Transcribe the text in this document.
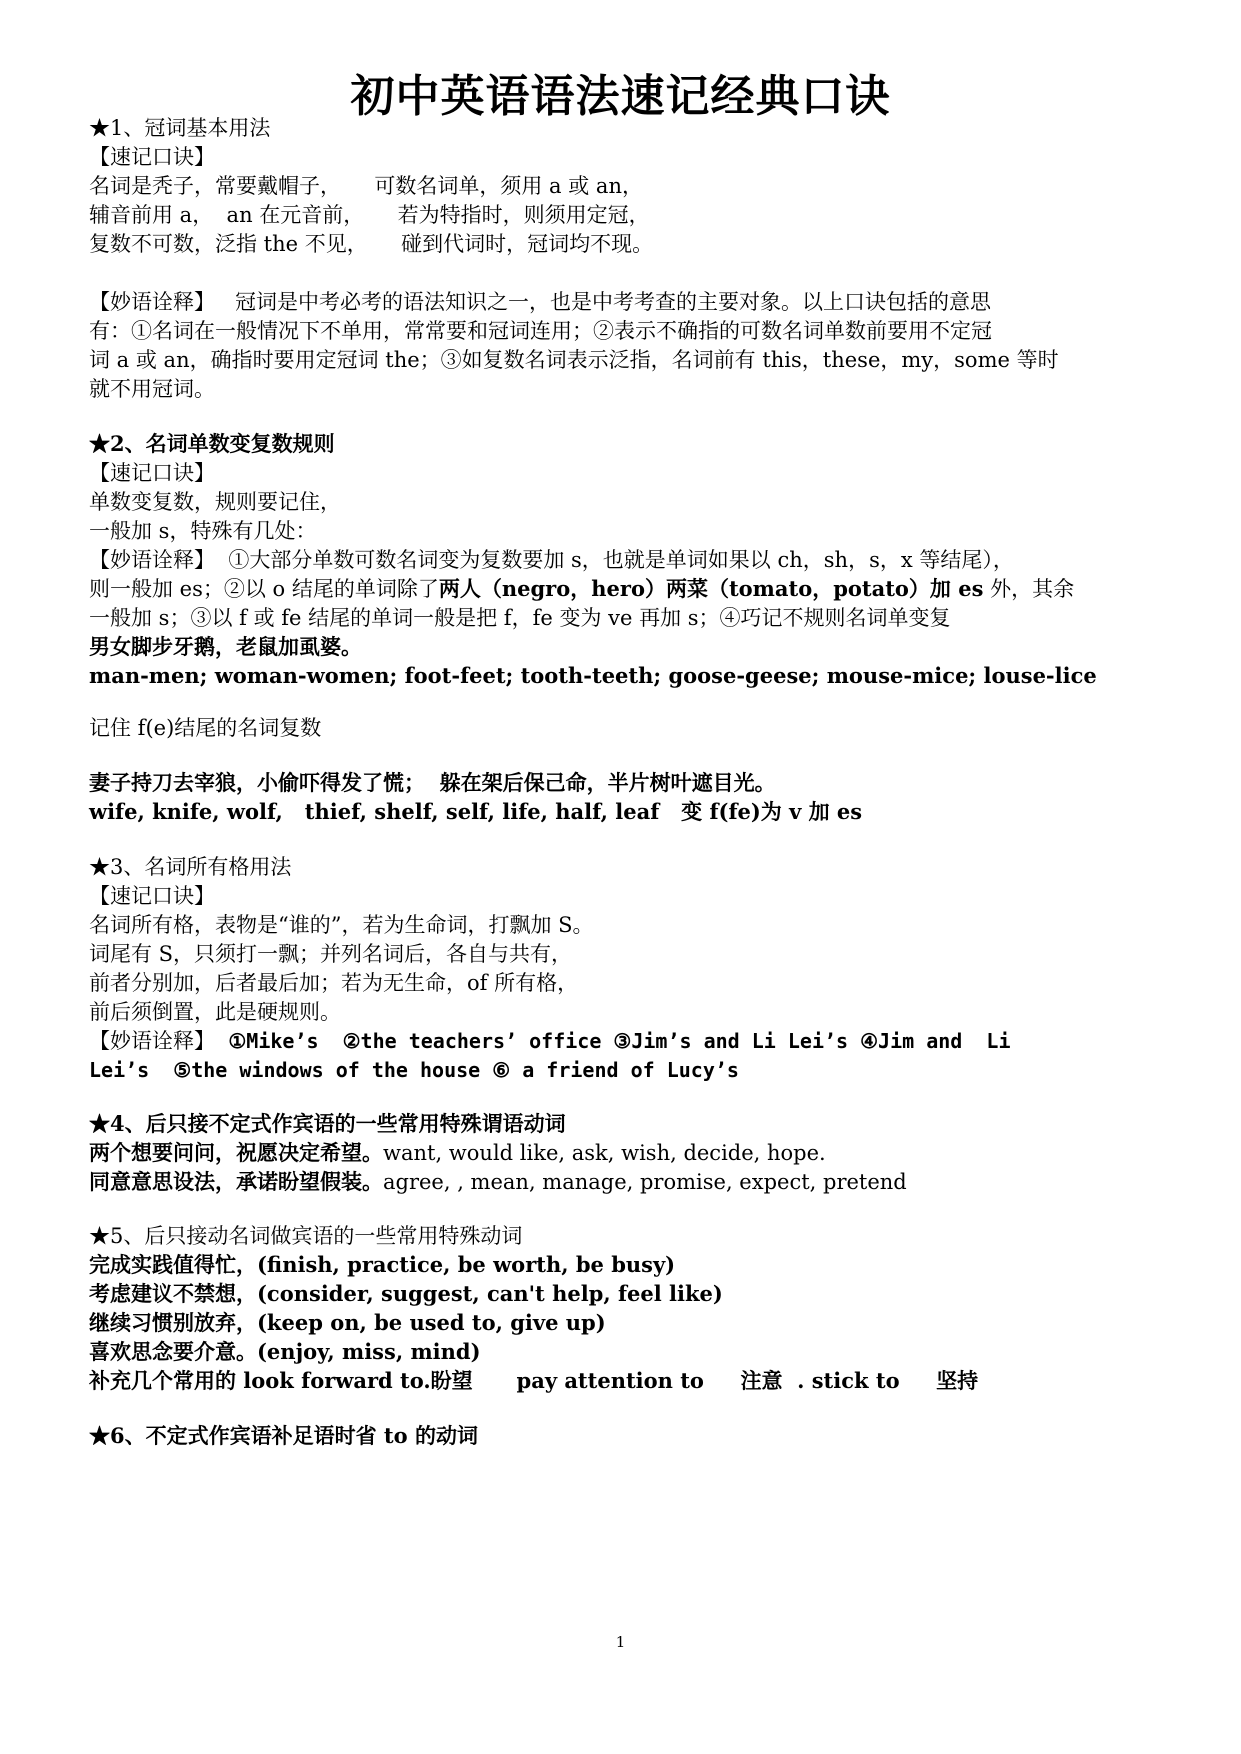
初中英语语法速记经典口诀
★1、冠词基本用法
【速记口诀】
名词是秃子，常要戴帽子，     可数名词单，须用 a 或 an，
辅音前用 a，  an 在元音前，     若为特指时，则须用定冠，
复数不可数，泛指 the 不见，     碰到代词时，冠词均不现。
【妙语诠释】   冠词是中考必考的语法知识之一，也是中考考查的主要对象。以上口诀包括的意思
有：①名词在一般情况下不单用，常常要和冠词连用；②表示不确指的可数名词单数前要用不定冠
词 a 或 an，确指时要用定冠词 the；③如复数名词表示泛指，名词前有 this，these，my，some 等时
就不用冠词。
★2、名词单数变复数规则
【速记口诀】
单数变复数，规则要记住，
一般加 s，特殊有几处：
【妙语诠释】  ①大部分单数可数名词变为复数要加 s，也就是单词如果以 ch，sh，s，x 等结尾），
则一般加 es；②以 o 结尾的单词除了两人（negro，hero）两菜（tomato，potato）加 es 外，其余
一般加 s；③以 f 或 fe 结尾的单词一般是把 f，fe 变为 ve 再加 s；④巧记不规则名词单变复
男女脚步牙鹅，老鼠加虱婆。
man-men; woman-women; foot-feet; tooth-teeth; goose-geese; mouse-mice; louse-lice
记住 f(e)结尾的名词复数
妻子持刀去宰狼，小偷吓得发了慌；  躲在架后保己命，半片树叶遮目光。
wife, knife, wolf,   thief, shelf, self, life, half, leaf   变 f(fe)为 v 加 es
★3、名词所有格用法
【速记口诀】
名词所有格，表物是“谁的”，若为生命词，打飘加 S。
词尾有 S，只须打一飘；并列名词后，各自与共有，
前者分别加，后者最后加；若为无生命，of 所有格，
前后须倒置，此是硬规则。
【妙语诠释】  ①Mike’s  ②the teachers’ office ③Jim’s and Li Lei’s ④Jim and  Li
Lei’s  ⑤the windows of the house ⑥ a friend of Lucy’s
★4、后只接不定式作宾语的一些常用特殊谓语动词
两个想要问问，祝愿决定希望。want, would like, ask, wish, decide, hope.
同意意思设法，承诺盼望假装。agree, , mean, manage, promise, expect, pretend
★5、后只接动名词做宾语的一些常用特殊动词
完成实践值得忙，(finish, practice, be worth, be busy)
考虑建议不禁想，(consider, suggest, can't help, feel like)
继续习惯别放弃，(keep on, be used to, give up)
喜欢思念要介意。(enjoy, miss, mind)
补充几个常用的 look forward to.盼望      pay attention to     注意  . stick to     坚持
★6、不定式作宾语补足语时省 to 的动词
1
